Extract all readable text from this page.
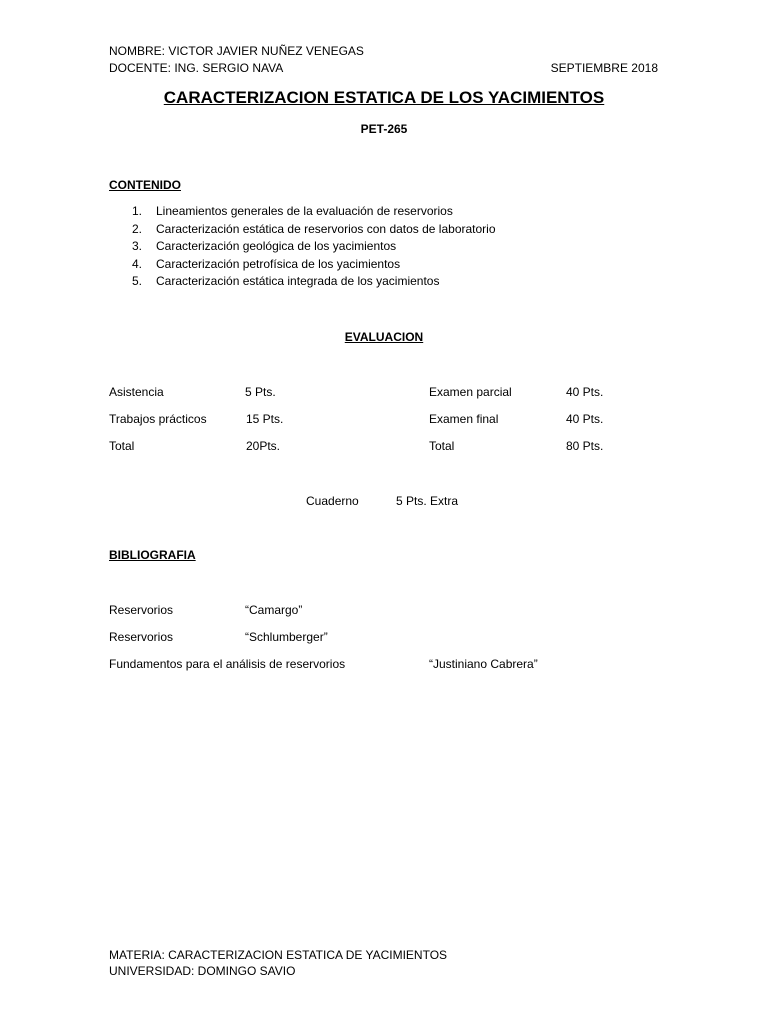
NOMBRE: VICTOR JAVIER NUÑEZ VENEGAS
DOCENTE: ING. SERGIO NAVA	SEPTIEMBRE 2018
CARACTERIZACION ESTATICA DE LOS YACIMIENTOS
PET-265
CONTENIDO
1.	Lineamientos generales de la evaluación de reservorios
2.	Caracterización estática de reservorios con datos de laboratorio
3.	Caracterización geológica de los yacimientos
4.	Caracterización petrofísica de los yacimientos
5.	Caracterización estática integrada de los yacimientos
EVALUACION
Asistencia	5 Pts.	Examen parcial	40 Pts.
Trabajos prácticos	15 Pts.	Examen final	40 Pts.
Total	20Pts.	Total	80 Pts.
Cuaderno	5 Pts. Extra
BIBLIOGRAFIA
Reservorios	“Camargo”
Reservorios	“Schlumberger”
Fundamentos para el análisis de reservorios	“Justiniano Cabrera”
MATERIA: CARACTERIZACION ESTATICA DE YACIMIENTOS
UNIVERSIDAD: DOMINGO SAVIO
